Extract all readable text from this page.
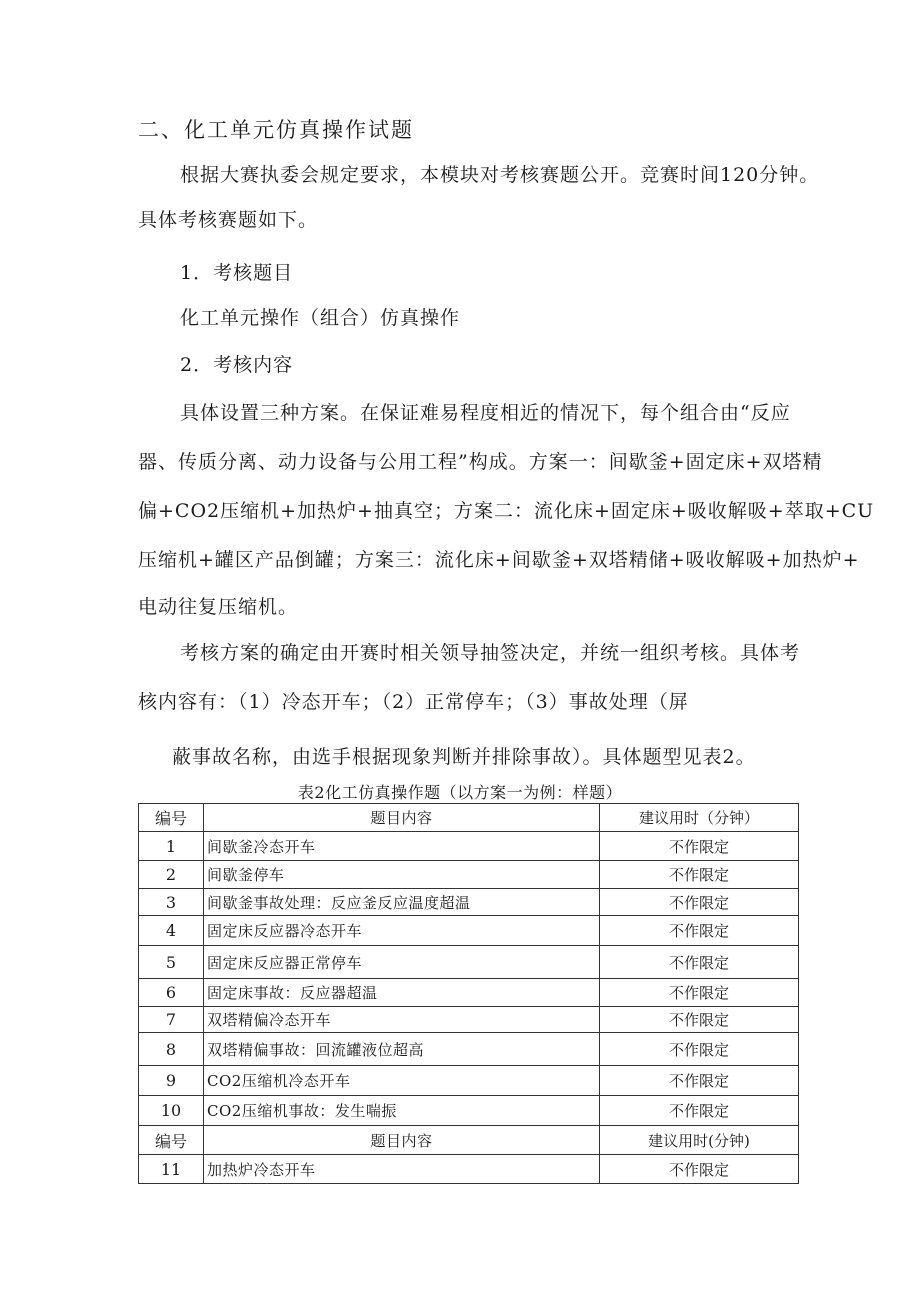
二、化工单元仿真操作试题
根据大赛执委会规定要求，本模块对考核赛题公开。竞赛时间120分钟。
具体考核赛题如下。
1．考核题目
化工单元操作（组合）仿真操作
2．考核内容
具体设置三种方案。在保证难易程度相近的情况下，每个组合由“反应
器、传质分离、动力设备与公用工程”构成。方案一：间歇釜+固定床+双塔精
偏+CO2压缩机+加热炉+抽真空；方案二：流化床+固定床+吸收解吸+萃取+CU
压缩机+罐区产品倒罐；方案三：流化床+间歇釜+双塔精储+吸收解吸+加热炉+
电动往复压缩机。
考核方案的确定由开赛时相关领导抽签决定，并统一组织考核。具体考
核内容有：（1）冷态开车；（2）正常停车；（3）事故处理（屏
蔽事故名称，由选手根据现象判断并排除事故）。具体题型见表2。
表2化工仿真操作题（以方案一为例：样题）
编号	题目内容	建议用时（分钟）
1	间歇釜冷态开车	不作限定
2	间歇釜停车	不作限定
3	间歇釜事故处理：反应釜反应温度超温	不作限定
4	固定床反应器冷态开车	不作限定
5	固定床反应器正常停车	不作限定
6	固定床事故：反应器超温	不作限定
7	双塔精偏冷态开车	不作限定
8	双塔精偏事故：回流罐液位超高	不作限定
9	CO2压缩机冷态开车	不作限定
10	CO2压缩机事故：发生喘振	不作限定
编号	题目内容	建议用时(分钟)
11	加热炉冷态开车	不作限定
